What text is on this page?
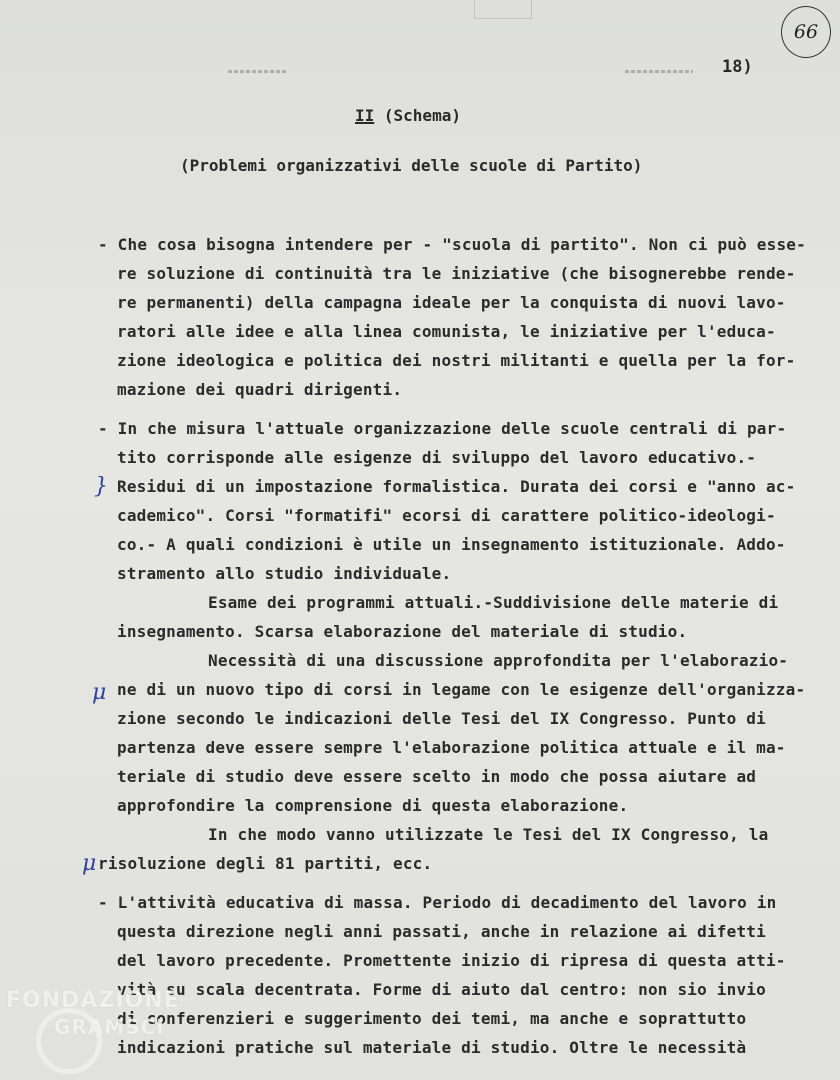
66
18)
II (Schema)
(Problemi organizzativi delle scuole di Partito)
- Che cosa bisogna intendere per - "scuola di partito". Non ci può esse-
re soluzione di continuità tra le iniziative (che bisognerebbe rende-
re permanenti) della campagna ideale per la conquista di nuovi lavo-
ratori alle idee e alla linea comunista, le iniziative per l'educa-
zione ideologica e politica dei nostri militanti e quella per la for-
mazione dei quadri dirigenti.
- In che misura l'attuale organizzazione delle scuole centrali di par-
tito corrisponde alle esigenze di sviluppo del lavoro educativo.-
Residui di un impostazione formalistica. Durata dei corsi e "anno ac-
cademico". Corsi "formatifi" ecorsi di carattere politico-ideologi-
co.- A quali condizioni è utile un insegnamento istituzionale. Addo-
stramento allo studio individuale.
Esame dei programmi attuali.-Suddivisione delle materie di
insegnamento. Scarsa elaborazione del materiale di studio.
Necessità di una discussione approfondita per l'elaborazio-
ne di un nuovo tipo di corsi in legame con le esigenze dell'organizza-
zione secondo le indicazioni delle Tesi del IX Congresso. Punto di
partenza deve essere sempre l'elaborazione politica attuale e il ma-
teriale di studio deve essere scelto in modo che possa aiutare ad
approfondire la comprensione di questa elaborazione.
In che modo vanno utilizzate le Tesi del IX Congresso, la
risoluzione degli 81 partiti, ecc.
- L'attività educativa di massa. Periodo di decadimento del lavoro in
questa direzione negli anni passati, anche in relazione ai difetti
del lavoro precedente. Promettente inizio di ripresa di questa atti-
vità su scala decentrata. Forme di aiuto dal centro: non sio invio
di conferenzieri e suggerimento dei temi, ma anche e soprattutto
indicazioni pratiche sul materiale di studio. Oltre le necessità
}
μ
μ
FONDAZIONE
GRAMSCI
